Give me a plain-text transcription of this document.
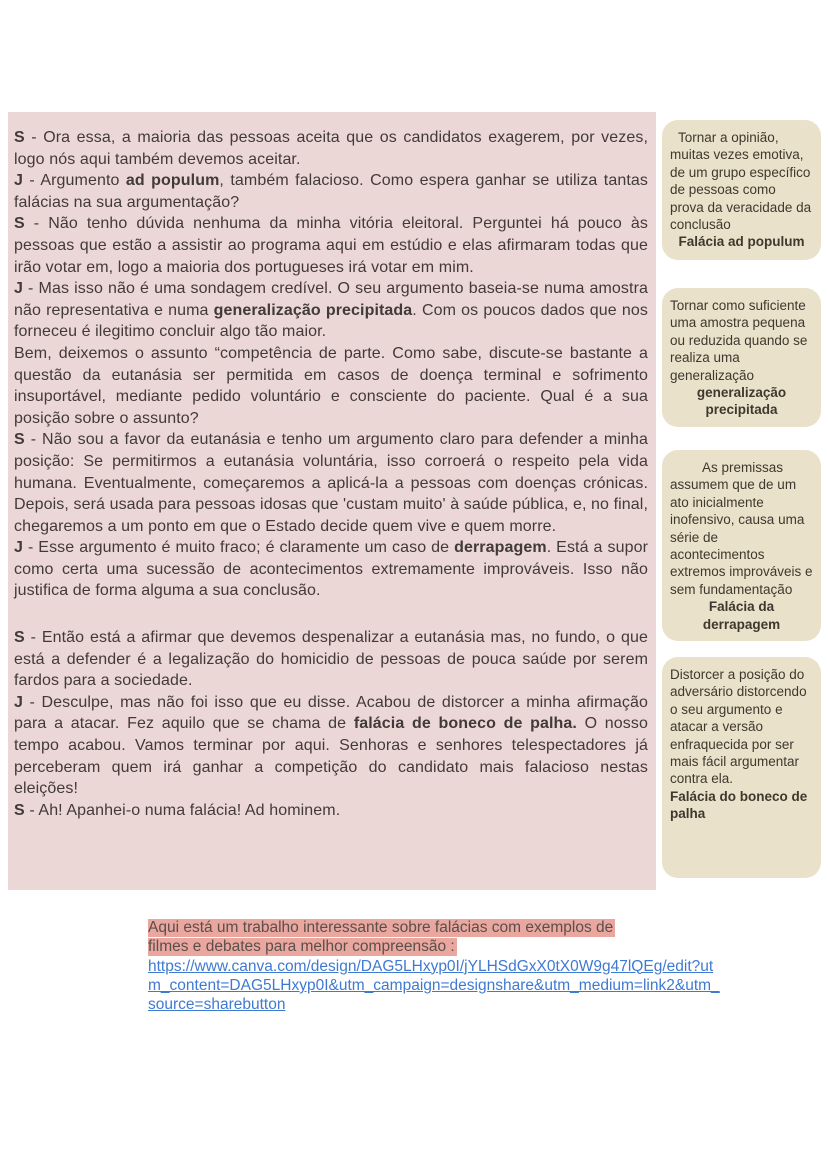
S - Ora essa, a maioria das pessoas aceita que os candidatos exagerem, por vezes, logo nós aqui também devemos aceitar.

J - Argumento ad populum, também falacioso. Como espera ganhar se utiliza tantas falácias na sua argumentação?

S - Não tenho dúvida nenhuma da minha vitória eleitoral. Perguntei há pouco às pessoas que estão a assistir ao programa aqui em estúdio e elas afirmaram todas que irão votar em, logo a maioria dos portugueses irá votar em mim.

J - Mas isso não é uma sondagem credível. O seu argumento baseia-se numa amostra não representativa e numa generalização precipitada. Com os poucos dados que nos forneceu é ilegitimo concluir algo tão maior.

Bem, deixemos o assunto “competência de parte. Como sabe, discute-se bastante a questão da eutanásia ser permitida em casos de doença terminal e sofrimento insuportável, mediante pedido voluntário e consciente do paciente. Qual é a sua posição sobre o assunto?

S - Não sou a favor da eutanásia e tenho um argumento claro para defender a minha posição: Se permitirmos a eutanásia voluntária, isso corroerá o respeito pela vida humana. Eventualmente, começaremos a aplicá-la a pessoas com doenças crónicas. Depois, será usada para pessoas idosas que 'custam muito' à saúde pública, e, no final, chegaremos a um ponto em que o Estado decide quem vive e quem morre.

J - Esse argumento é muito fraco; é claramente um caso de derrapagem. Está a supor como certa uma sucessão de acontecimentos extremamente improváveis. Isso não justifica de forma alguma a sua conclusão.

S - Então está a afirmar que devemos despenalizar a eutanásia mas, no fundo, o que está a defender é a legalização do homicidio de pessoas de pouca saúde por serem fardos para a sociedade.

J - Desculpe, mas não foi isso que eu disse. Acabou de distorcer a minha afirmação para a atacar. Fez aquilo que se chama de falácia de boneco de palha. O nosso tempo acabou. Vamos terminar por aqui. Senhoras e senhores telespectadores já perceberam quem irá ganhar a competição do candidato mais falacioso nestas eleições!

S - Ah! Apanhei-o numa falácia! Ad hominem.

Tornar a opinião, muitas vezes emotiva, de um grupo específico de pessoas como prova da veracidade da conclusão

Falácia ad populum

Tornar como suficiente uma amostra pequena ou reduzida quando se realiza uma generalização

generalização precipitada

As premissas assumem que de um ato inicialmente inofensivo, causa uma série de acontecimentos extremos improváveis e sem fundamentação

Falácia da derrapagem

Distorcer a posição do adversário distorcendo o seu argumento e atacar a versão enfraquecida por ser mais fácil argumentar contra ela.

Falácia do boneco de palha

Aqui está um trabalho interessante sobre falácias com exemplos de
filmes e debates para melhor compreensão :
https://www.canva.com/design/DAG5LHxyp0I/jYLHSdGxX0tX0W9g47lQEg/edit?utm_content=DAG5LHxyp0I&utm_campaign=designshare&utm_medium=link2&utm_source=sharebutton
